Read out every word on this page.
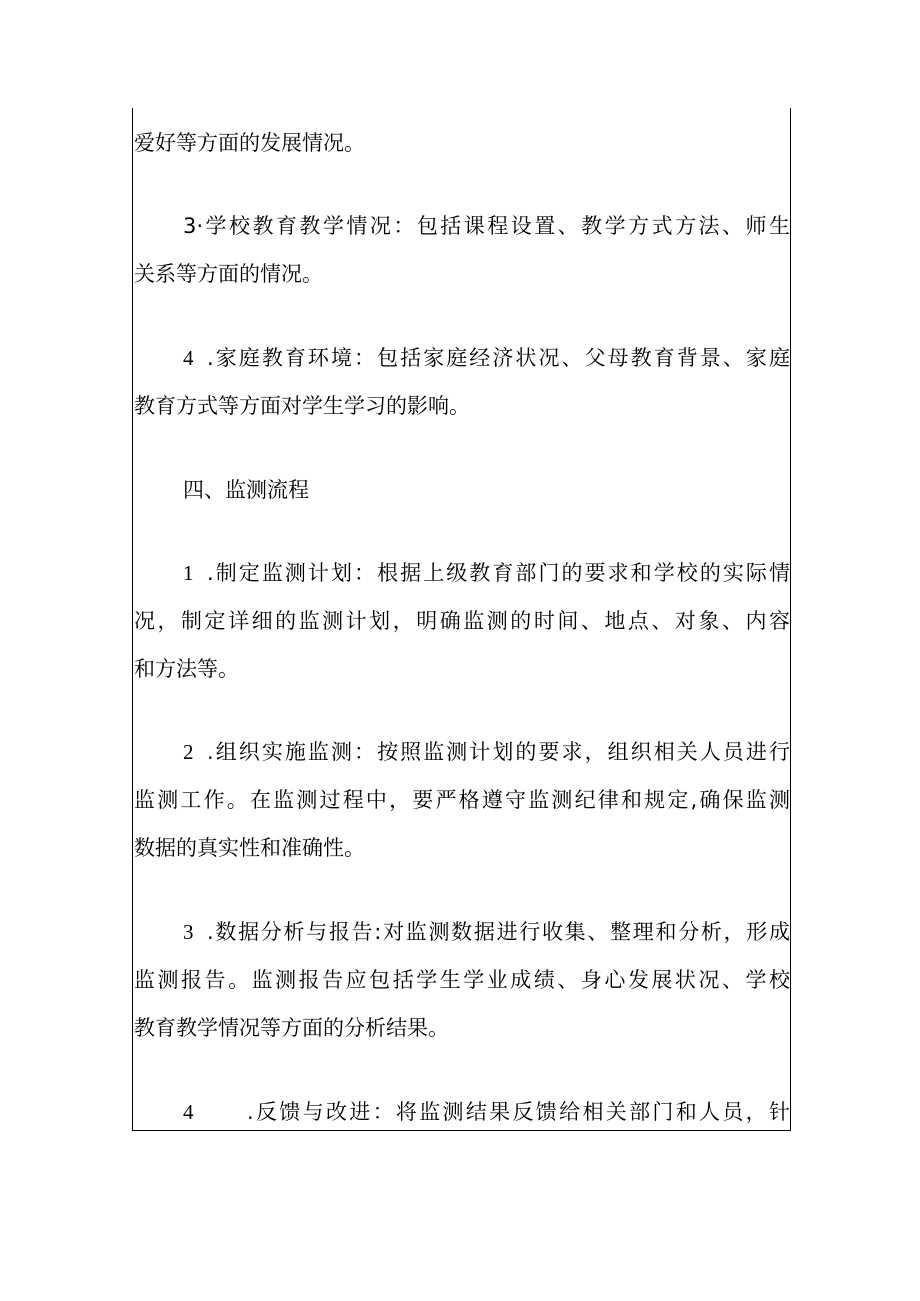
爱好等方面的发展情况。
3·学校教育教学情况：包括课程设置、教学方式方法、师生
关系等方面的情况。
4 .家庭教育环境：包括家庭经济状况、父母教育背景、家庭
教育方式等方面对学生学习的影响。
四、监测流程
1 .制定监测计划：根据上级教育部门的要求和学校的实际情
况，制定详细的监测计划，明确监测的时间、地点、对象、内容
和方法等。
2 .组织实施监测：按照监测计划的要求，组织相关人员进行
监测工作。在监测过程中，要严格遵守监测纪律和规定,确保监测
数据的真实性和准确性。
3 .数据分析与报告:对监测数据进行收集、整理和分析，形成
监测报告。监测报告应包括学生学业成绩、身心发展状况、学校
教育教学情况等方面的分析结果。
4	.反馈与改进：将监测结果反馈给相关部门和人员，针
